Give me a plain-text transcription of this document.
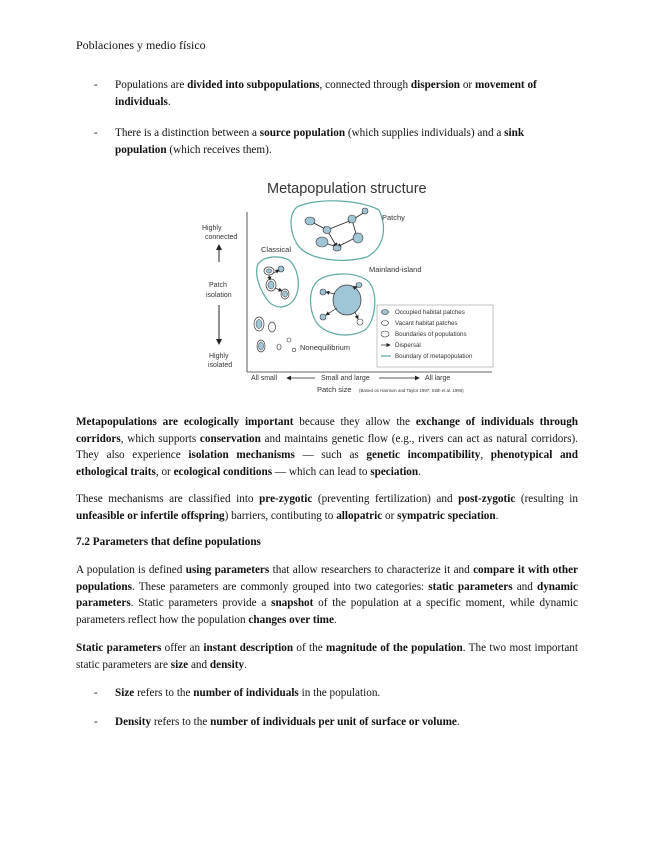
Poblaciones y medio físico
- Populations are divided into subpopulations, connected through dispersion or movement of individuals.
- There is a distinction between a source population (which supplies individuals) and a sink population (which receives them).
Metapopulation structure
Highly
connected
Patch
isolation
Highly
isolated
Patchy
Classical
Mainland-island
Nonequilibrium
Occupied habitat patches
Vacant habitat patches
Boundaries of populations
Dispersal
Boundary of metapopulation
All small	Small and large	All large
Patch size (Based on Harrison and Taylor 1997; Stith et al. 1996)
Metapopulations are ecologically important because they allow the exchange of individuals through corridors, which supports conservation and maintains genetic flow (e.g., rivers can act as natural corridors). They also experience isolation mechanisms — such as genetic incompatibility, phenotypical and ethological traits, or ecological conditions — which can lead to speciation.
These mechanisms are classified into pre-zygotic (preventing fertilization) and post-zygotic (resulting in unfeasible or infertile offspring) barriers, contibuting to allopatric or sympatric speciation.
7.2 Parameters that define populations
A population is defined using parameters that allow researchers to characterize it and compare it with other populations. These parameters are commonly grouped into two categories: static parameters and dynamic parameters. Static parameters provide a snapshot of the population at a specific moment, while dynamic parameters reflect how the population changes over time.
Static parameters offer an instant description of the magnitude of the population. The two most important static parameters are size and density.
- Size refers to the number of individuals in the population.
- Density refers to the number of individuals per unit of surface or volume.
